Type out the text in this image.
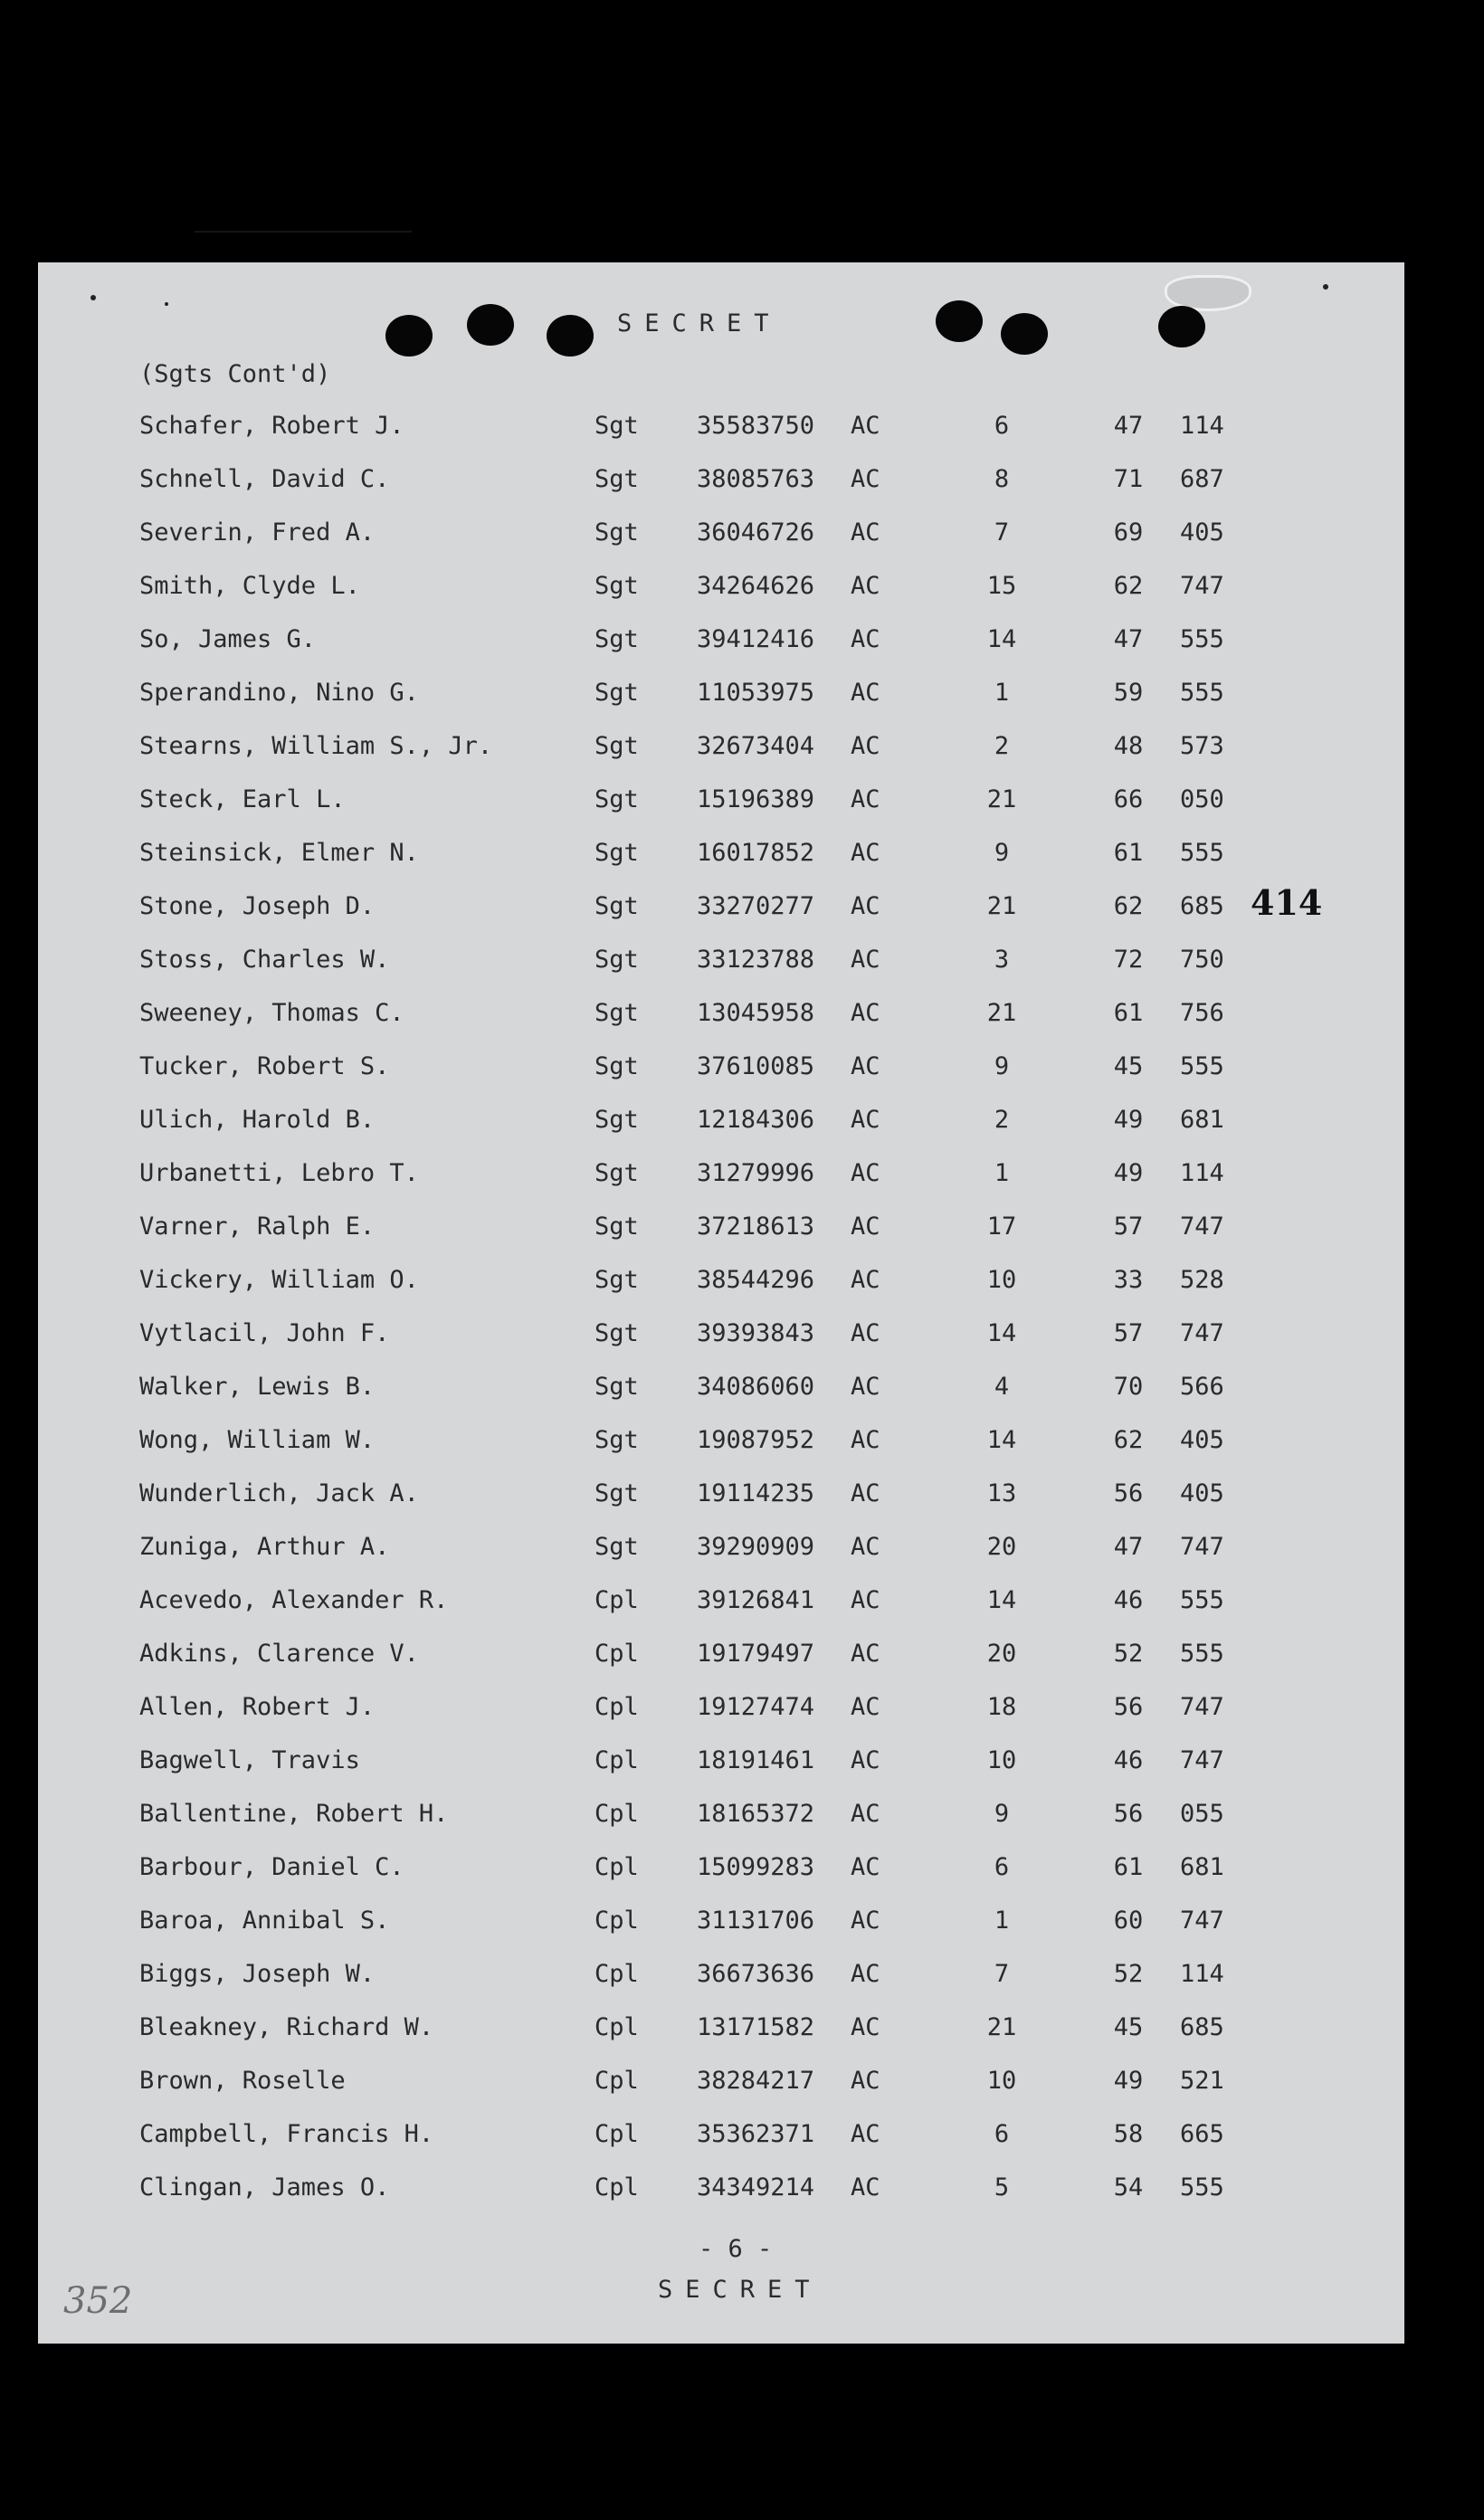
SECRET
(Sgts Cont'd)
Schafer, Robert J.	Sgt 35583750 AC	6	47	114
Schnell, David C.	Sgt 38085763 AC	8	71	687
Severin, Fred A.	Sgt 36046726 AC	7	69	405
Smith, Clyde L.	Sgt 34264626 AC	15	62	747
So, James G.	Sgt 39412416 AC	14	47	555
Sperandino, Nino G.	Sgt 11053975 AC	1	59	555
Stearns, William S., Jr.	Sgt 32673404 AC	2	48	573
Steck, Earl L.	Sgt 15196389 AC	21	66	050
Steinsick, Elmer N.	Sgt 16017852 AC	9	61	555
Stone, Joseph D.	Sgt 33270277 AC	21	62	685
Stoss, Charles W.	Sgt 33123788 AC	3	72	750
Sweeney, Thomas C.	Sgt 13045958 AC	21	61	756
Tucker, Robert S.	Sgt 37610085 AC	9	45	555
Ulich, Harold B.	Sgt 12184306 AC	2	49	681
Urbanetti, Lebro T.	Sgt 31279996 AC	1	49	114
Varner, Ralph E.	Sgt 37218613 AC	17	57	747
Vickery, William O.	Sgt 38544296 AC	10	33	528
Vytlacil, John F.	Sgt 39393843 AC	14	57	747
Walker, Lewis B.	Sgt 34086060 AC	4	70	566
Wong, William W.	Sgt 19087952 AC	14	62	405
Wunderlich, Jack A.	Sgt 19114235 AC	13	56	405
Zuniga, Arthur A.	Sgt 39290909 AC	20	47	747
Acevedo, Alexander R.	Cpl 39126841 AC	14	46	555
Adkins, Clarence V.	Cpl 19179497 AC	20	52	555
Allen, Robert J.	Cpl 19127474 AC	18	56	747
Bagwell, Travis	Cpl 18191461 AC	10	46	747
Ballentine, Robert H.	Cpl 18165372 AC	9	56	055
Barbour, Daniel C.	Cpl 15099283 AC	6	61	681
Baroa, Annibal S.	Cpl 31131706 AC	1	60	747
Biggs, Joseph W.	Cpl 36673636 AC	7	52	114
Bleakney, Richard W.	Cpl 13171582 AC	21	45	685
Brown, Roselle	Cpl 38284217 AC	10	49	521
Campbell, Francis H.	Cpl 35362371 AC	6	58	665
Clingan, James O.	Cpl 34349214 AC	5	54	555
414
- 6 -
SECRET
352
